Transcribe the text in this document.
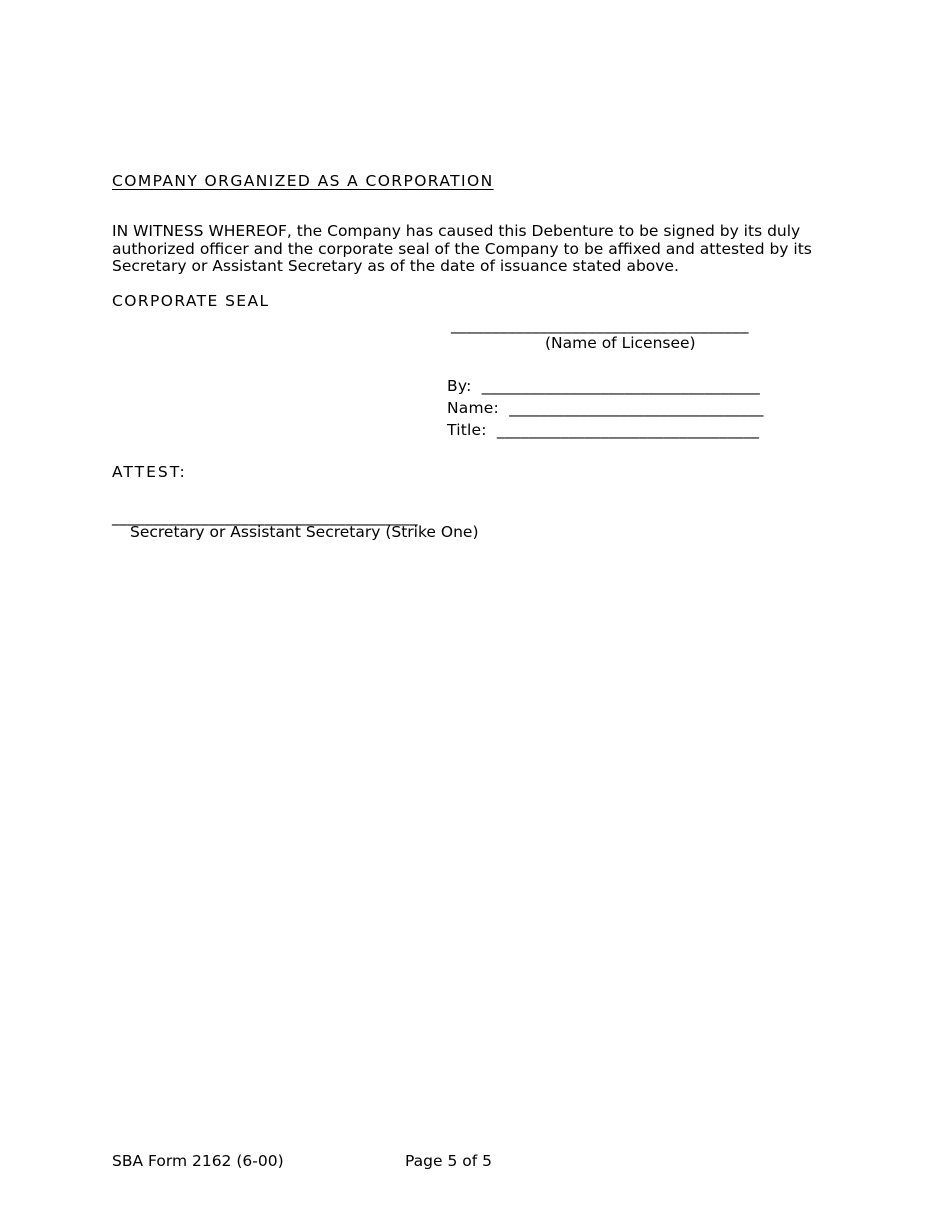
COMPANY ORGANIZED AS A CORPORATION
IN WITNESS WHEREOF, the Company has caused this Debenture to be signed by its duly
authorized officer and the corporate seal of the Company to be affixed and attested by its
Secretary or Assistant Secretary as of the date of issuance stated above.
CORPORATE SEAL
_____________________________________
(Name of Licensee)
By:  ___________________________________
Name:  ________________________________
Title:  _________________________________
ATTEST:
______________________________________
Secretary or Assistant Secretary (Strike One)
SBA Form 2162 (6-00)	Page 5 of 5
